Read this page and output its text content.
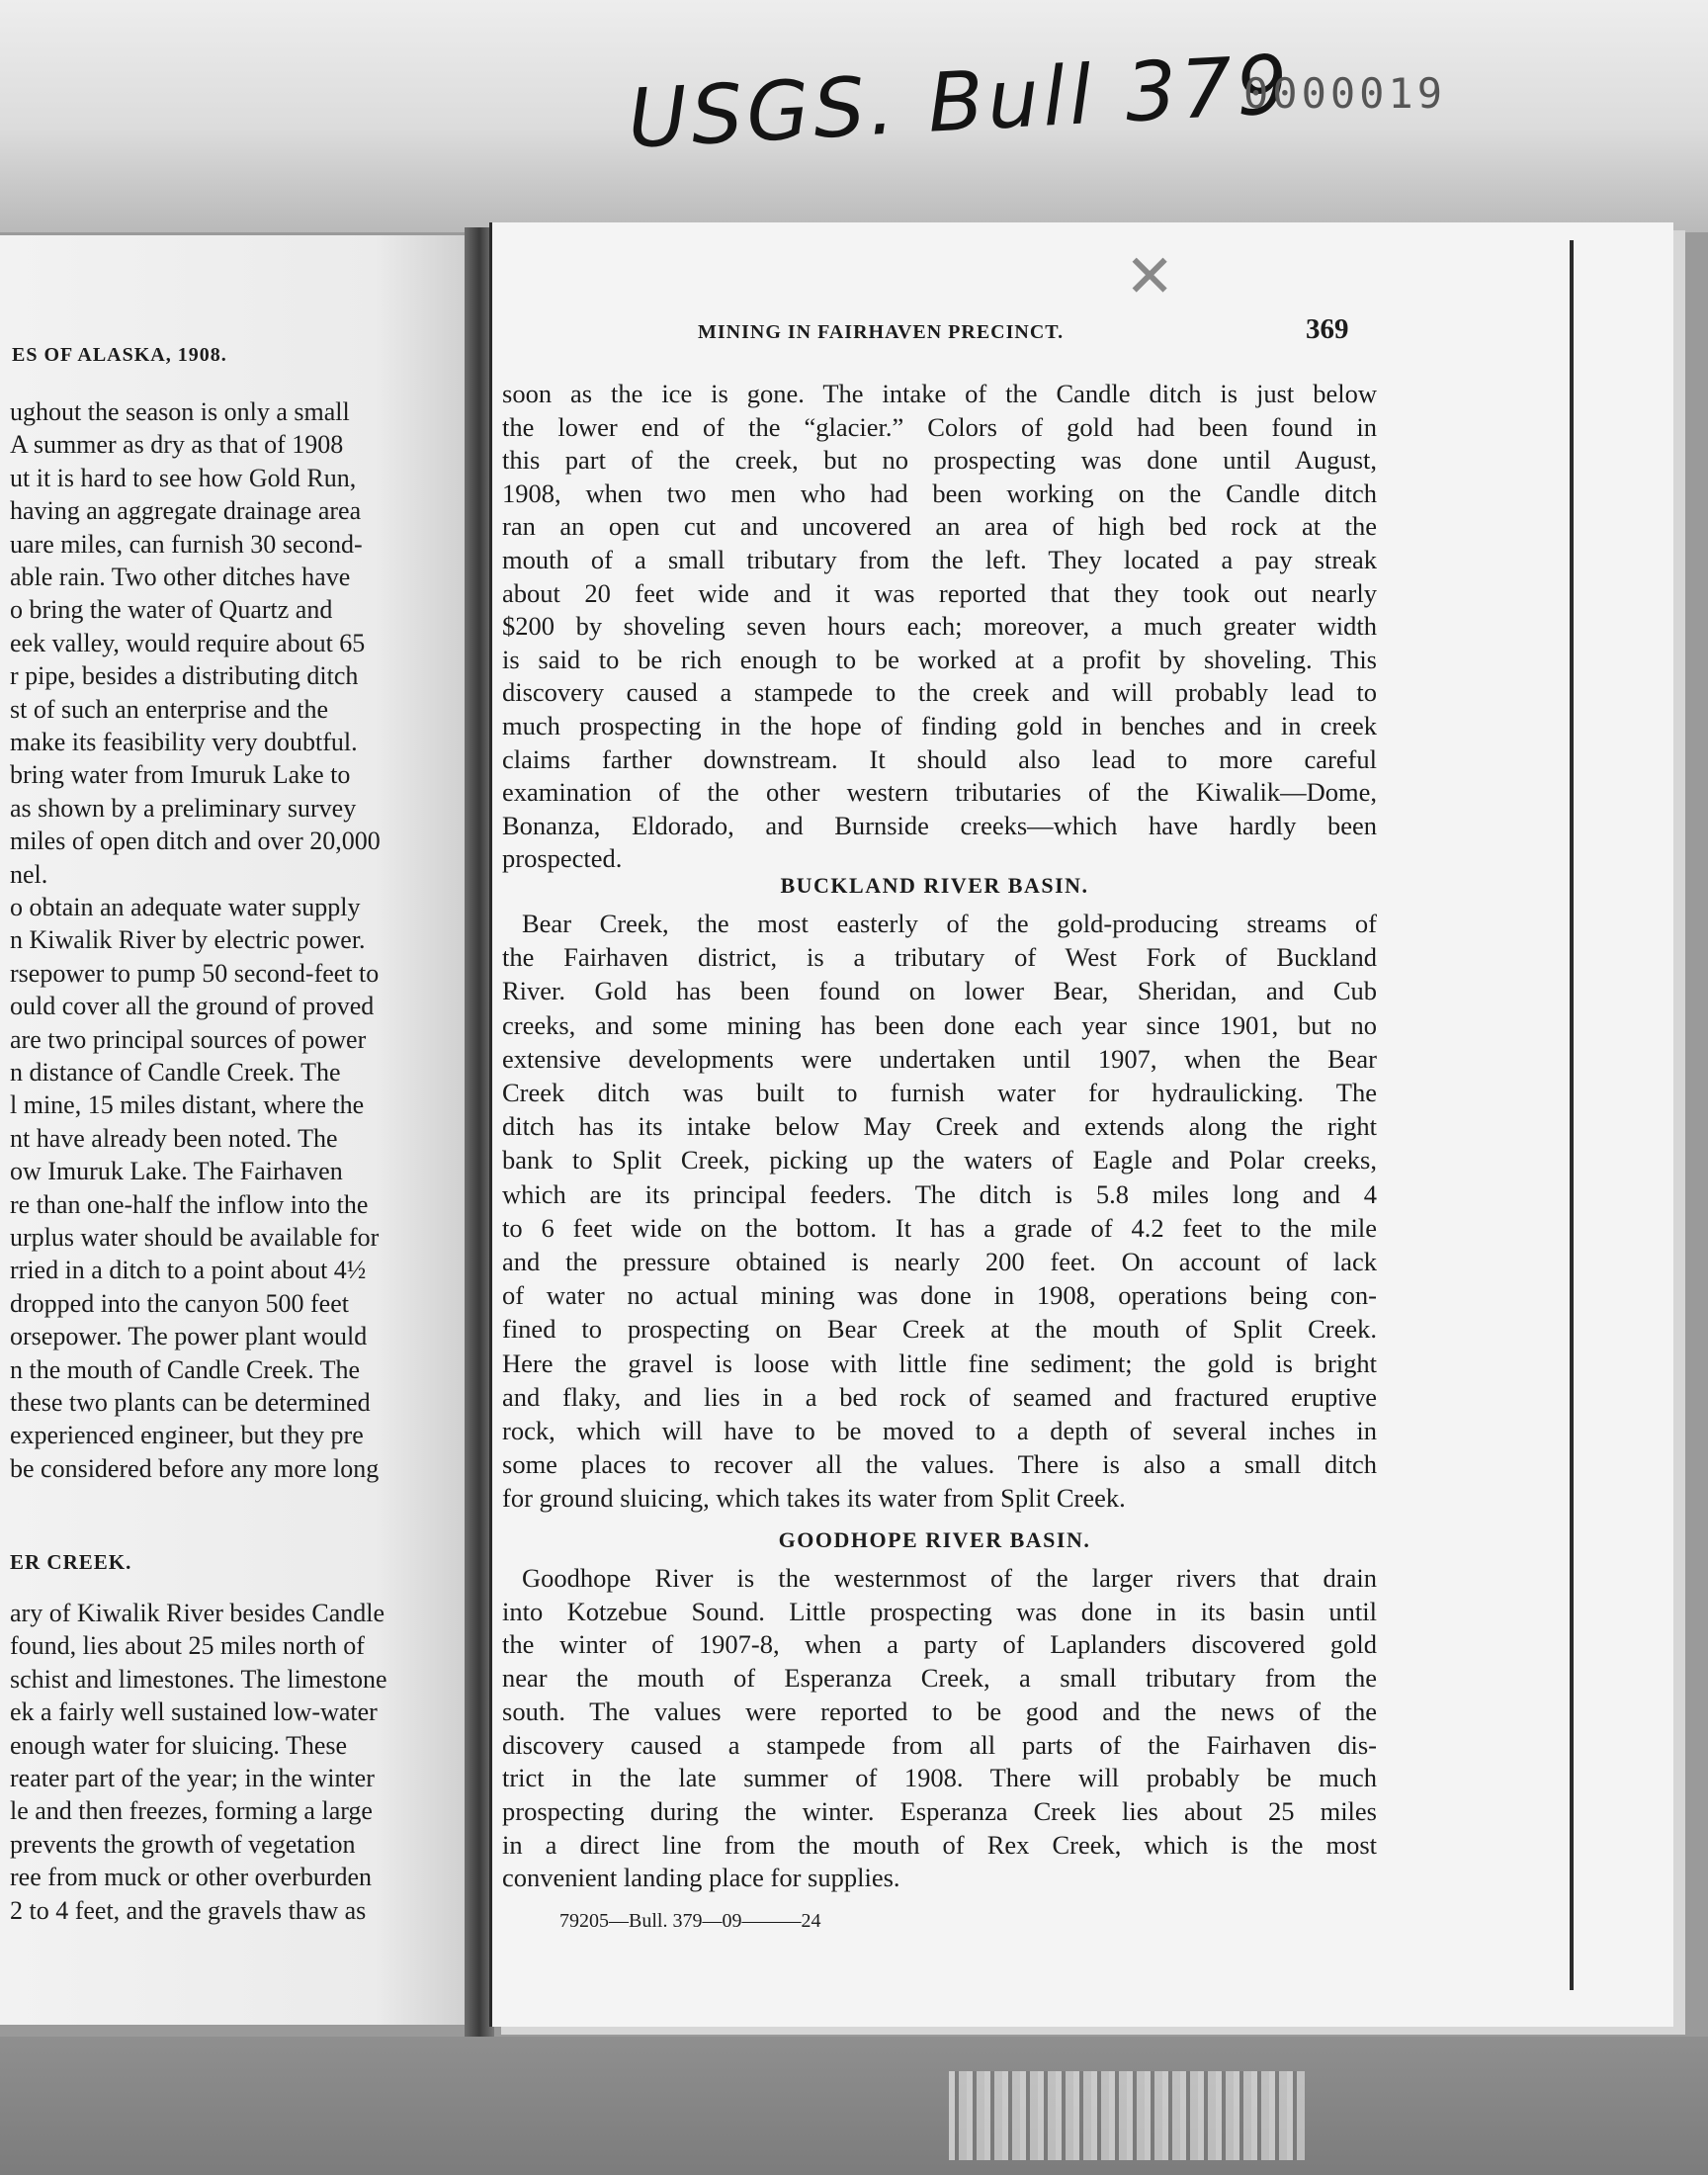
USGS. Bull 379
0000019
ES OF ALASKA, 1908.
ughout the season is only a small
A summer as dry as that of 1908
ut it is hard to see how Gold Run,
having an aggregate drainage area
uare miles, can furnish 30 second-
able rain. Two other ditches have
o bring the water of Quartz and
eek valley, would require about 65
r pipe, besides a distributing ditch
st of such an enterprise and the
make its feasibility very doubtful.
bring water from Imuruk Lake to
as shown by a preliminary survey
miles of open ditch and over 20,000
nel.
o obtain an adequate water supply
n Kiwalik River by electric power.
rsepower to pump 50 second-feet to
ould cover all the ground of proved
are two principal sources of power
n distance of Candle Creek. The
l mine, 15 miles distant, where the
nt have already been noted. The
ow Imuruk Lake. The Fairhaven
re than one-half the inflow into the
urplus water should be available for
rried in a ditch to a point about 4½
dropped into the canyon 500 feet
orsepower. The power plant would
n the mouth of Candle Creek. The
these two plants can be determined
experienced engineer, but they pre
be considered before any more long
ER CREEK.
ary of Kiwalik River besides Candle
found, lies about 25 miles north of
schist and limestones. The limestone
ek a fairly well sustained low-water
enough water for sluicing. These
reater part of the year; in the winter
le and then freezes, forming a large
prevents the growth of vegetation
ree from muck or other overburden
2 to 4 feet, and the gravels thaw as
✕
MINING IN FAIRHAVEN PRECINCT.	369
soon as the ice is gone. The intake of the Candle ditch is just below
the lower end of the “glacier.” Colors of gold had been found in
this part of the creek, but no prospecting was done until August,
1908, when two men who had been working on the Candle ditch
ran an open cut and uncovered an area of high bed rock at the
mouth of a small tributary from the left. They located a pay streak
about 20 feet wide and it was reported that they took out nearly
$200 by shoveling seven hours each; moreover, a much greater width
is said to be rich enough to be worked at a profit by shoveling. This
discovery caused a stampede to the creek and will probably lead to
much prospecting in the hope of finding gold in benches and in creek
claims farther downstream. It should also lead to more careful
examination of the other western tributaries of the Kiwalik—Dome,
Bonanza, Eldorado, and Burnside creeks—which have hardly been
prospected.
BUCKLAND RIVER BASIN.
Bear Creek, the most easterly of the gold-producing streams of
the Fairhaven district, is a tributary of West Fork of Buckland
River. Gold has been found on lower Bear, Sheridan, and Cub
creeks, and some mining has been done each year since 1901, but no
extensive developments were undertaken until 1907, when the Bear
Creek ditch was built to furnish water for hydraulicking. The
ditch has its intake below May Creek and extends along the right
bank to Split Creek, picking up the waters of Eagle and Polar creeks,
which are its principal feeders. The ditch is 5.8 miles long and 4
to 6 feet wide on the bottom. It has a grade of 4.2 feet to the mile
and the pressure obtained is nearly 200 feet. On account of lack
of water no actual mining was done in 1908, operations being con-
fined to prospecting on Bear Creek at the mouth of Split Creek.
Here the gravel is loose with little fine sediment; the gold is bright
and flaky, and lies in a bed rock of seamed and fractured eruptive
rock, which will have to be moved to a depth of several inches in
some places to recover all the values. There is also a small ditch
for ground sluicing, which takes its water from Split Creek.
GOODHOPE RIVER BASIN.
Goodhope River is the westernmost of the larger rivers that drain
into Kotzebue Sound. Little prospecting was done in its basin until
the winter of 1907-8, when a party of Laplanders discovered gold
near the mouth of Esperanza Creek, a small tributary from the
south. The values were reported to be good and the news of the
discovery caused a stampede from all parts of the Fairhaven dis-
trict in the late summer of 1908. There will probably be much
prospecting during the winter. Esperanza Creek lies about 25 miles
in a direct line from the mouth of Rex Creek, which is the most
convenient landing place for supplies.
79205—Bull. 379—09———24
